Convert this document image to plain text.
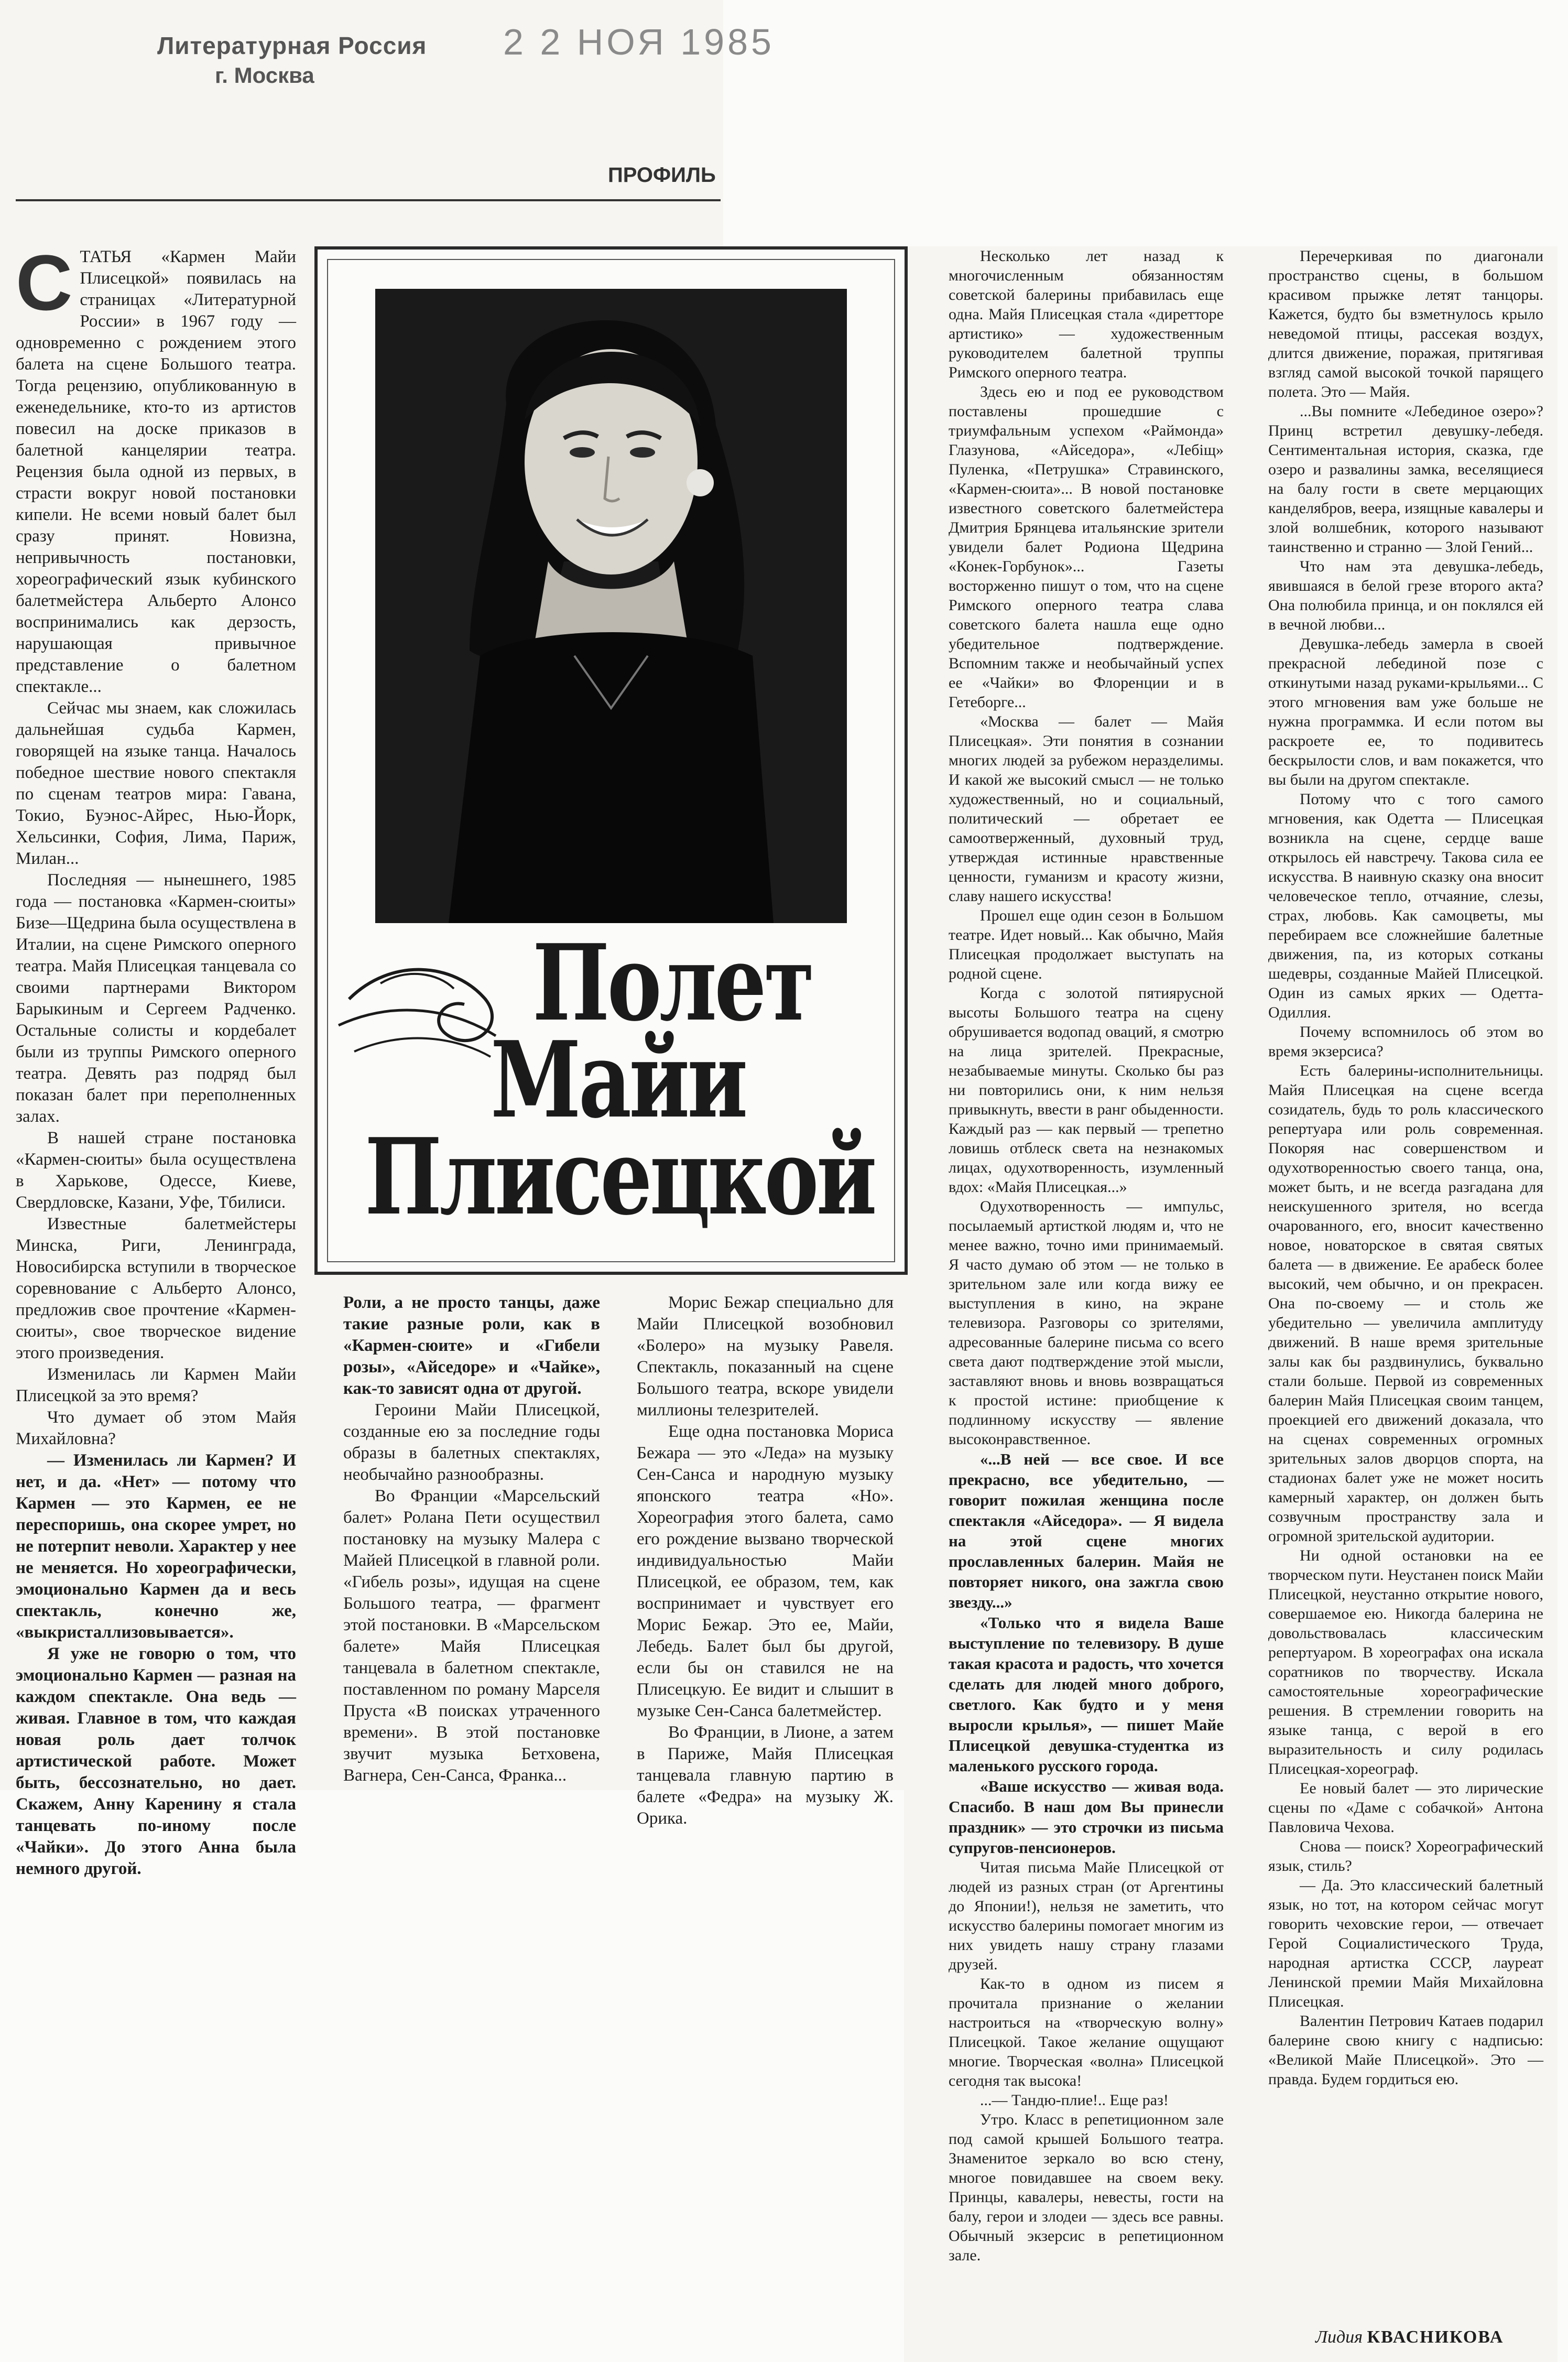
Литературная Россия
г. Москва
2 2 НОЯ 1985
ПРОФИЛЬ
С ТАТЬЯ «Кармен Майи Плисецкой» появилась на страницах «Литературной России» в 1967 году — одновременно с рождением этого балета на сцене Большого театра. Тогда рецензию, опубликованную в еженедельнике, кто-то из артистов повесил на доске приказов в балетной канцелярии театра. Рецензия была одной из первых, в страсти вокруг новой постановки кипели. Не всеми новый балет был сразу принят. Новизна, непривычность постановки, хореографический язык кубинского балетмейстера Альберто Алонсо воспринимались как дерзость, нарушающая привычное представление о балетном спектакле...

Сейчас мы знаем, как сложилась дальнейшая судьба Кармен, говорящей на языке танца. Началось победное шествие нового спектакля по сценам театров мира: Гавана, Токио, Буэнос-Айрес, Нью-Йорк, Хельсинки, София, Лима, Париж, Милан...

Последняя — нынешнего, 1985 года — постановка «Кармен-сюиты» Бизе—Щедрина была осуществлена в Италии, на сцене Римского оперного театра. Майя Плисецкая танцевала со своими партнерами Виктором Барыкиным и Сергеем Радченко. Остальные солисты и кордебалет были из труппы Римского оперного театра. Девять раз подряд был показан балет при переполненных залах.

В нашей стране постановка «Кармен-сюиты» была осуществлена в Харькове, Одессе, Киеве, Свердловске, Казани, Уфе, Тбилиси.

Известные балетмейстеры Минска, Риги, Ленинграда, Новосибирска вступили в творческое соревнование с Альберто Алонсо, предложив свое прочтение «Кармен-сюиты», свое творческое видение этого произведения.

Изменилась ли Кармен Майи Плисецкой за это время?

Что думает об этом Майя Михайловна?

— Изменилась ли Кармен? И нет, и да. «Нет» — потому что Кармен — это Кармен, ее не переспоришь, она скорее умрет, но не потерпит неволи. Характер у нее не меняется. Но хореографически, эмоционально Кармен да и весь спектакль, конечно же, «выкристаллизовывается».

Я уже не говорю о том, что эмоционально Кармен — разная на каждом спектакле. Она ведь — живая. Главное в том, что каждая новая роль дает толчок артистической работе. Может быть, бессознательно, но дает. Скажем, Анну Каренину я стала танцевать по-иному после «Чайки». До этого Анна была немного другой.

Полет
Майи
Плисецкой

Роли, а не просто танцы, даже такие разные роли, как в «Кармен-сюите» и «Гибели розы», «Айседоре» и «Чайке», как-то зависят одна от другой.

Героини Майи Плисецкой, созданные ею за последние годы образы в балетных спектаклях, необычайно разнообразны.

Во Франции «Марсельский балет» Ролана Пети осуществил постановку на музыку Малера с Майей Плисецкой в главной роли. «Гибель розы», идущая на сцене Большого театра, — фрагмент этой постановки. В «Марсельском балете» Майя Плисецкая танцевала в балетном спектакле, поставленном по роману Марселя Пруста «В поисках утраченного времени». В этой постановке звучит музыка Бетховена, Вагнера, Сен-Санса, Франка...

Морис Бежар специально для Майи Плисецкой возобновил «Болеро» на музыку Равеля. Спектакль, показанный на сцене Большого театра, вскоре увидели миллионы телезрителей.

Еще одна постановка Мориса Бежара — это «Леда» на музыку Сен-Санса и народную музыку японского театра «Но». Хореография этого балета, само его рождение вызвано творческой индивидуальностью Майи Плисецкой, ее образом, тем, как воспринимает и чувствует его Морис Бежар. Это ее, Майи, Лебедь. Балет был бы другой, если бы он ставился не на Плисецкую. Ее видит и слышит в музыке Сен-Санса балетмейстер.

Во Франции, в Лионе, а затем в Париже, Майя Плисецкая танцевала главную партию в балете «Федра» на музыку Ж. Орика.

Несколько лет назад к многочисленным обязанностям советской балерины прибавилась еще одна. Майя Плисецкая стала «диретторе артистико» — художественным руководителем балетной труппы Римского оперного театра.

Здесь ею и под ее руководством поставлены прошедшие с триумфальным успехом «Раймонда» Глазунова, «Айседора», «Лебіщ» Пуленка, «Петрушка» Стравинского, «Кармен-сюита»... В новой постановке известного советского балетмейстера Дмитрия Брянцева итальянские зрители увидели балет Родиона Щедрина «Конек-Горбунок»... Газеты восторженно пишут о том, что на сцене Римского оперного театра слава советского балета нашла еще одно убедительное подтверждение. Вспомним также и необычайный успех ее «Чайки» во Флоренции и в Гетеборге...

«Москва — балет — Майя Плисецкая». Эти понятия в сознании многих людей за рубежом неразделимы. И какой же высокий смысл — не только художественный, но и социальный, политический — обретает ее самоотверженный, духовный труд, утверждая истинные нравственные ценности, гуманизм и красоту жизни, славу нашего искусства!

Прошел еще один сезон в Большом театре. Идет новый... Как обычно, Майя Плисецкая продолжает выступать на родной сцене.

Когда с золотой пятиярусной высоты Большого театра на сцену обрушивается водопад оваций, я смотрю на лица зрителей. Прекрасные, незабываемые минуты. Сколько бы раз ни повторились они, к ним нельзя привыкнуть, ввести в ранг обыденности. Каждый раз — как первый — трепетно ловишь отблеск света на незнакомых лицах, одухотворенность, изумленный вдох: «Майя Плисецкая...»

Одухотворенность — импульс, посылаемый артисткой людям и, что не менее важно, точно ими принимаемый. Я часто думаю об этом — не только в зрительном зале или когда вижу ее выступления в кино, на экране телевизора. Разговоры со зрителями, адресованные балерине письма со всего света дают подтверждение этой мысли, заставляют вновь и вновь возвращаться к простой истине: приобщение к подлинному искусству — явление высоконравственное.

«...В ней — все свое. И все прекрасно, все убедительно, — говорит пожилая женщина после спектакля «Айседора». — Я видела на этой сцене многих прославленных балерин. Майя не повторяет никого, она зажгла свою звезду...»

«Только что я видела Ваше выступление по телевизору. В душе такая красота и радость, что хочется сделать для людей много доброго, светлого. Как будто и у меня выросли крылья», — пишет Майе Плисецкой девушка-студентка из маленького русского города.

«Ваше искусство — живая вода. Спасибо. В наш дом Вы принесли праздник» — это строчки из письма супругов-пенсионеров.

Читая письма Майе Плисецкой от людей из разных стран (от Аргентины до Японии!), нельзя не заметить, что искусство балерины помогает многим из них увидеть нашу страну глазами друзей.

Как-то в одном из писем я прочитала признание о желании настроиться на «творческую волну» Плисецкой. Такое желание ощущают многие. Творческая «волна» Плисецкой сегодня так высока!

...— Тандю-плие!.. Еще раз!

Утро. Класс в репетиционном зале под самой крышей Большого театра. Знаменитое зеркало во всю стену, многое повидавшее на своем веку. Принцы, кавалеры, невесты, гости на балу, герои и злодеи — здесь все равны. Обычный экзерсис в репетиционном зале.

Перечеркивая по диагонали пространство сцены, в большом красивом прыжке летят танцоры. Кажется, будто бы взметнулось крыло неведомой птицы, рассекая воздух, длится движение, поражая, притягивая взгляд самой высокой точкой парящего полета. Это — Майя.

...Вы помните «Лебединое озеро»? Принц встретил девушку-лебедя. Сентиментальная история, сказка, где озеро и развалины замка, веселящиеся на балу гости в свете мерцающих канделябров, веера, изящные кавалеры и злой волшебник, которого называют таинственно и странно — Злой Гений...

Что нам эта девушка-лебедь, явившаяся в белой грезе второго акта? Она полюбила принца, и он поклялся ей в вечной любви...

Девушка-лебедь замерла в своей прекрасной лебединой позе с откинутыми назад руками-крыльями... С этого мгновения вам уже больше не нужна программка. И если потом вы раскроете ее, то подивитесь бескрылости слов, и вам покажется, что вы были на другом спектакле.

Потому что с того самого мгновения, как Одетта — Плисецкая возникла на сцене, сердце ваше открылось ей навстречу. Такова сила ее искусства. В наивную сказку она вносит человеческое тепло, отчаяние, слезы, страх, любовь. Как самоцветы, мы перебираем все сложнейшие балетные движения, па, из которых сотканы шедевры, созданные Майей Плисецкой. Один из самых ярких — Одетта-Одиллия.

Почему вспомнилось об этом во время экзерсиса?

Есть балерины-исполнительницы. Майя Плисецкая на сцене всегда созидатель, будь то роль классического репертуара или роль современная. Покоряя нас совершенством и одухотворенностью своего танца, она, может быть, и не всегда разгадана для неискушенного зрителя, но всегда очарованного, его, вносит качественно новое, новаторское в святая святых балета — в движение. Ее арабеск более высокий, чем обычно, и он прекрасен. Она по-своему — и столь же убедительно — увеличила амплитуду движений. В наше время зрительные залы как бы раздвинулись, буквально стали больше. Первой из современных балерин Майя Плисецкая своим танцем, проекцией его движений доказала, что на сценах современных огромных зрительных залов дворцов спорта, на стадионах балет уже не может носить камерный характер, он должен быть созвучным пространству зала и огромной зрительской аудитории.

Ни одной остановки на ее творческом пути. Неустанен поиск Майи Плисецкой, неустанно открытие нового, совершаемое ею. Никогда балерина не довольствовалась классическим репертуаром. В хореографах она искала соратников по творчеству. Искала самостоятельные хореографические решения. В стремлении говорить на языке танца, с верой в его выразительность и силу родилась Плисецкая-хореограф.

Ее новый балет — это лирические сцены по «Даме с собачкой» Антона Павловича Чехова.

Снова — поиск? Хореографический язык, стиль?

— Да. Это классический балетный язык, но тот, на котором сейчас могут говорить чеховские герои, — отвечает Герой Социалистического Труда, народная артистка СССР, лауреат Ленинской премии Майя Михайловна Плисецкая.

Валентин Петрович Катаев подарил балерине свою книгу с надписью: «Великой Майе Плисецкой». Это — правда. Будем гордиться ею.

Лидия КВАСНИКОВА
